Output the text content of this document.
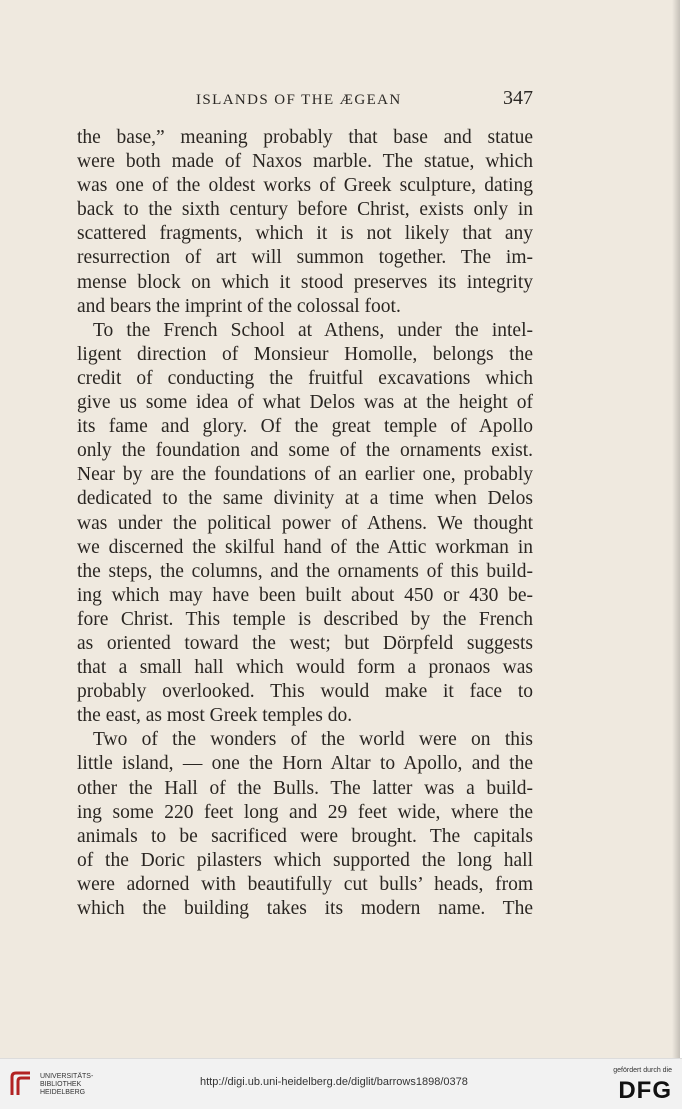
ISLANDS OF THE ÆGEAN	347
the base,” meaning probably that base and statue
were both made of Naxos marble. The statue, which
was one of the oldest works of Greek sculpture, dating
back to the sixth century before Christ, exists only in
scattered fragments, which it is not likely that any
resurrection of art will summon together. The im-
mense block on which it stood preserves its integrity
and bears the imprint of the colossal foot.
To the French School at Athens, under the intel-
ligent direction of Monsieur Homolle, belongs the
credit of conducting the fruitful excavations which
give us some idea of what Delos was at the height of
its fame and glory. Of the great temple of Apollo
only the foundation and some of the ornaments exist.
Near by are the foundations of an earlier one, probably
dedicated to the same divinity at a time when Delos
was under the political power of Athens. We thought
we discerned the skilful hand of the Attic workman in
the steps, the columns, and the ornaments of this build-
ing which may have been built about 450 or 430 be-
fore Christ. This temple is described by the French
as oriented toward the west; but Dörpfeld suggests
that a small hall which would form a pronaos was
probably overlooked. This would make it face to
the east, as most Greek temples do.
Two of the wonders of the world were on this
little island, — one the Horn Altar to Apollo, and the
other the Hall of the Bulls. The latter was a build-
ing some 220 feet long and 29 feet wide, where the
animals to be sacrificed were brought. The capitals
of the Doric pilasters which supported the long hall
were adorned with beautifully cut bulls’ heads, from
which the building takes its modern name. The
UNIVERSITÄTS-
BIBLIOTHEK
HEIDELBERG
http://digi.ub.uni-heidelberg.de/diglit/barrows1898/0378
gefördert durch die
DFG
